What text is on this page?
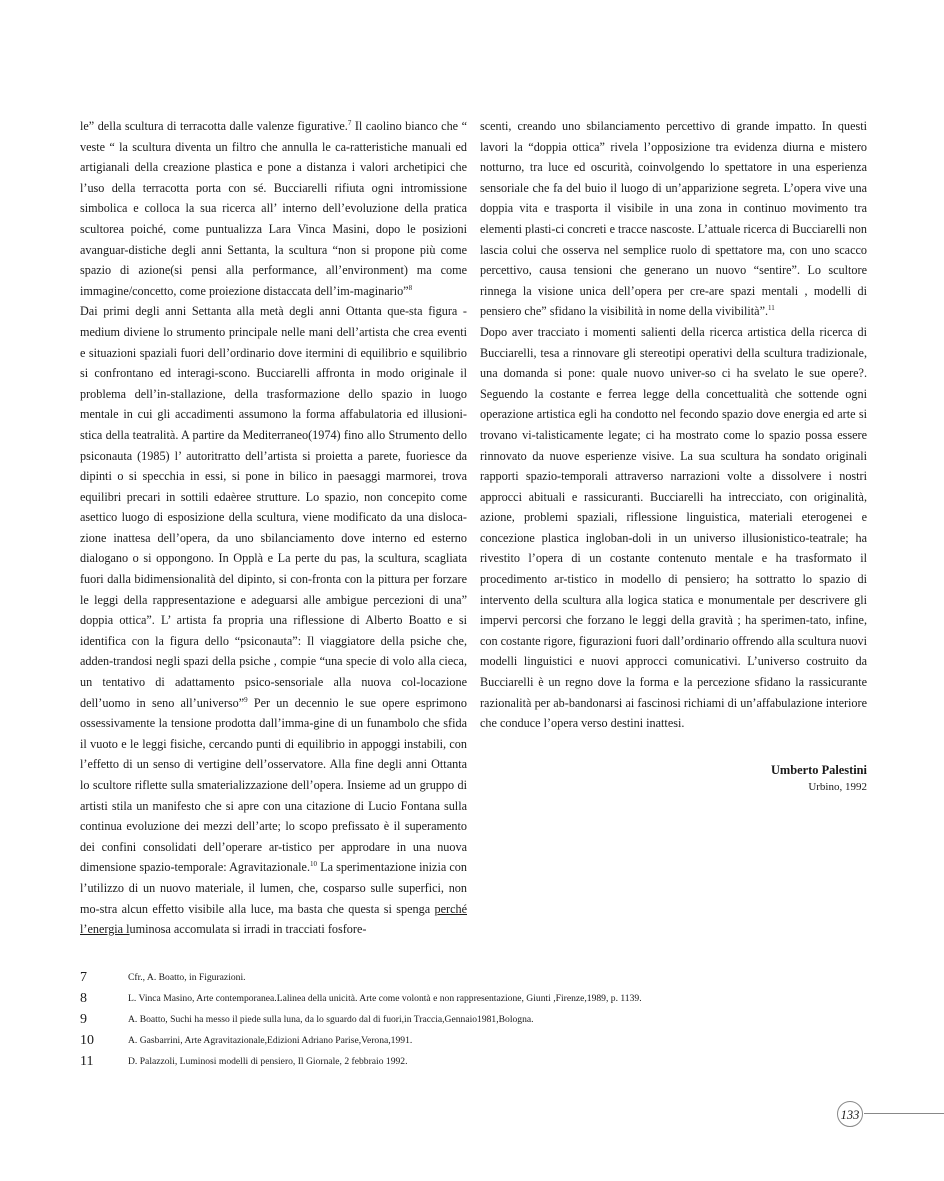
le” della scultura di terracotta dalle valenze figurative.$^7$ Il caolino bianco che “ veste “ la scultura diventa un filtro che annulla le ca-ratteristiche manuali ed artigianali della creazione plastica e pone a distanza i valori archetipici che l’uso della terracotta porta con sé. Bucciarelli rifiuta ogni intromissione simbolica e colloca la sua ricerca all’ interno dell’evoluzione della pratica scultorea poiché, come puntualizza Lara Vinca Masini, dopo le posizioni avanguar-distiche degli anni Settanta, la scultura “non si propone più come spazio di azione(si pensi alla performance, all’environment) ma come immagine/concetto, come proiezione distaccata dell’im-maginario”$^8$

Dai primi degli anni Settanta alla metà degli anni Ottanta que-sta figura -medium diviene lo strumento principale nelle mani dell’artista che crea eventi e situazioni spaziali fuori dell’ordinario dove itermini di equilibrio e squilibrio si confrontano ed interagi-scono. Bucciarelli affronta in modo originale il problema dell’in-stallazione, della trasformazione dello spazio in luogo mentale in cui gli accadimenti assumono la forma affabulatoria ed illusioni-stica della teatralità. A partire da Mediterraneo(1974) fino allo Strumento dello psiconauta (1985) l’ autoritratto dell’artista si proietta a parete, fuoriesce da dipinti o si specchia in essi, si pone in bilico in paesaggi marmorei, trova equilibri precari in sottili edaèree strutture. Lo spazio, non concepito come asettico luogo di esposizione della scultura, viene modificato da una disloca-zione inattesa dell’opera, da uno sbilanciamento dove interno ed esterno dialogano o si oppongono. In Opplà e La perte du pas, la scultura, scagliata fuori dalla bidimensionalità del dipinto, si con-fronta con la pittura per forzare le leggi della rappresentazione e adeguarsi alle ambigue percezioni di una” doppia ottica”. L’ artista fa propria una riflessione di Alberto Boatto e si identifica con la figura dello “psiconauta”: Il viaggiatore della psiche che, adden-trandosi negli spazi della psiche , compie “una specie di volo alla cieca, un tentativo di adattamento psico-sensoriale alla nuova col-locazione dell’uomo in seno all’universo”$^9$ Per un decennio le sue opere esprimono ossessivamente la tensione prodotta dall’imma-gine di un funambolo che sfida il vuoto e le leggi fisiche, cercando punti di equilibrio in appoggi instabili, con l’effetto di un senso di vertigine dell’osservatore. Alla fine degli anni Ottanta lo scultore riflette sulla smaterializzazione dell’opera. Insieme ad un gruppo di artisti stila un manifesto che si apre con una citazione di Lucio Fontana sulla continua evoluzione dei mezzi dell’arte; lo scopo prefissato è il superamento dei confini consolidati dell’operare ar-tistico per approdare in una nuova dimensione spazio-temporale: Agravitazionale.$^{10}$ La sperimentazione inizia con l’utilizzo di un nuovo materiale, il lumen, che, cosparso sulle superfici, non mo-stra alcun effetto visibile alla luce, ma basta che questa si spenga perché l’energia luminosa accomulata si irradi in tracciati fosfore-

scenti, creando uno sbilanciamento percettivo di grande impatto. In questi lavori la “doppia ottica” rivela l’opposizione tra evidenza diurna e mistero notturno, tra luce ed oscurità, coinvolgendo lo spettatore in una esperienza sensoriale che fa del buio il luogo di un’apparizione segreta. L’opera vive una doppia vita e trasporta il visibile in una zona in continuo movimento tra elementi plasti-ci concreti e tracce nascoste. L’attuale ricerca di Bucciarelli non lascia colui che osserva nel semplice ruolo di spettatore ma, con uno scacco percettivo, causa tensioni che generano un nuovo “sentire”. Lo scultore rinnega la visione unica dell’opera per cre-are spazi mentali , modelli di pensiero che” sfidano la visibilità in nome della vivibilità”.$^{11}$

Dopo aver tracciato i momenti salienti della ricerca artistica della ricerca di Bucciarelli, tesa a rinnovare gli stereotipi operativi della scultura tradizionale, una domanda si pone: quale nuovo univer-so ci ha svelato le sue opere?. Seguendo la costante e ferrea legge della concettualità che sottende ogni operazione artistica egli ha condotto nel fecondo spazio dove energia ed arte si trovano vi-talisticamente legate; ci ha mostrato come lo spazio possa essere rinnovato da nuove esperienze visive. La sua scultura ha sondato originali rapporti spazio-temporali attraverso narrazioni volte a dissolvere i nostri approcci abituali e rassicuranti. Bucciarelli ha intrecciato, con originalità, azione, problemi spaziali, riflessione linguistica, materiali eterogenei e concezione plastica ingloban-doli in un universo illusionistico-teatrale; ha rivestito l’opera di un costante contenuto mentale e ha trasformato il procedimento ar-tistico in modello di pensiero; ha sottratto lo spazio di intervento della scultura alla logica statica e monumentale per descrivere gli impervi percorsi che forzano le leggi della gravità ; ha sperimen-tato, infine, con costante rigore, figurazioni fuori dall’ordinario offrendo alla scultura nuovi modelli linguistici e nuovi approcci comunicativi. L’universo costruito da Bucciarelli è un regno dove la forma e la percezione sfidano la rassicurante razionalità per ab-bandonarsi ai fascinosi richiami di un’affabulazione interiore che conduce l’opera verso destini inattesi.

Umberto Palestini
Urbino, 1992
7	Cfr., A. Boatto, in Figurazioni.
8	L. Vinca Masino, Arte contemporanea.Lalinea della unicità. Arte come volontà e non rappresentazione, Giunti ,Firenze,1989, p. 1139.
9	A. Boatto, Suchi ha messo il piede sulla luna, da lo sguardo dal di fuori,in Traccia,Gennaio1981,Bologna.
10	A. Gasbarrini, Arte Agravitazionale,Edizioni Adriano Parise,Verona,1991.
11	D. Palazzoli, Luminosi modelli di pensiero, Il Giornale, 2 febbraio 1992.
133
